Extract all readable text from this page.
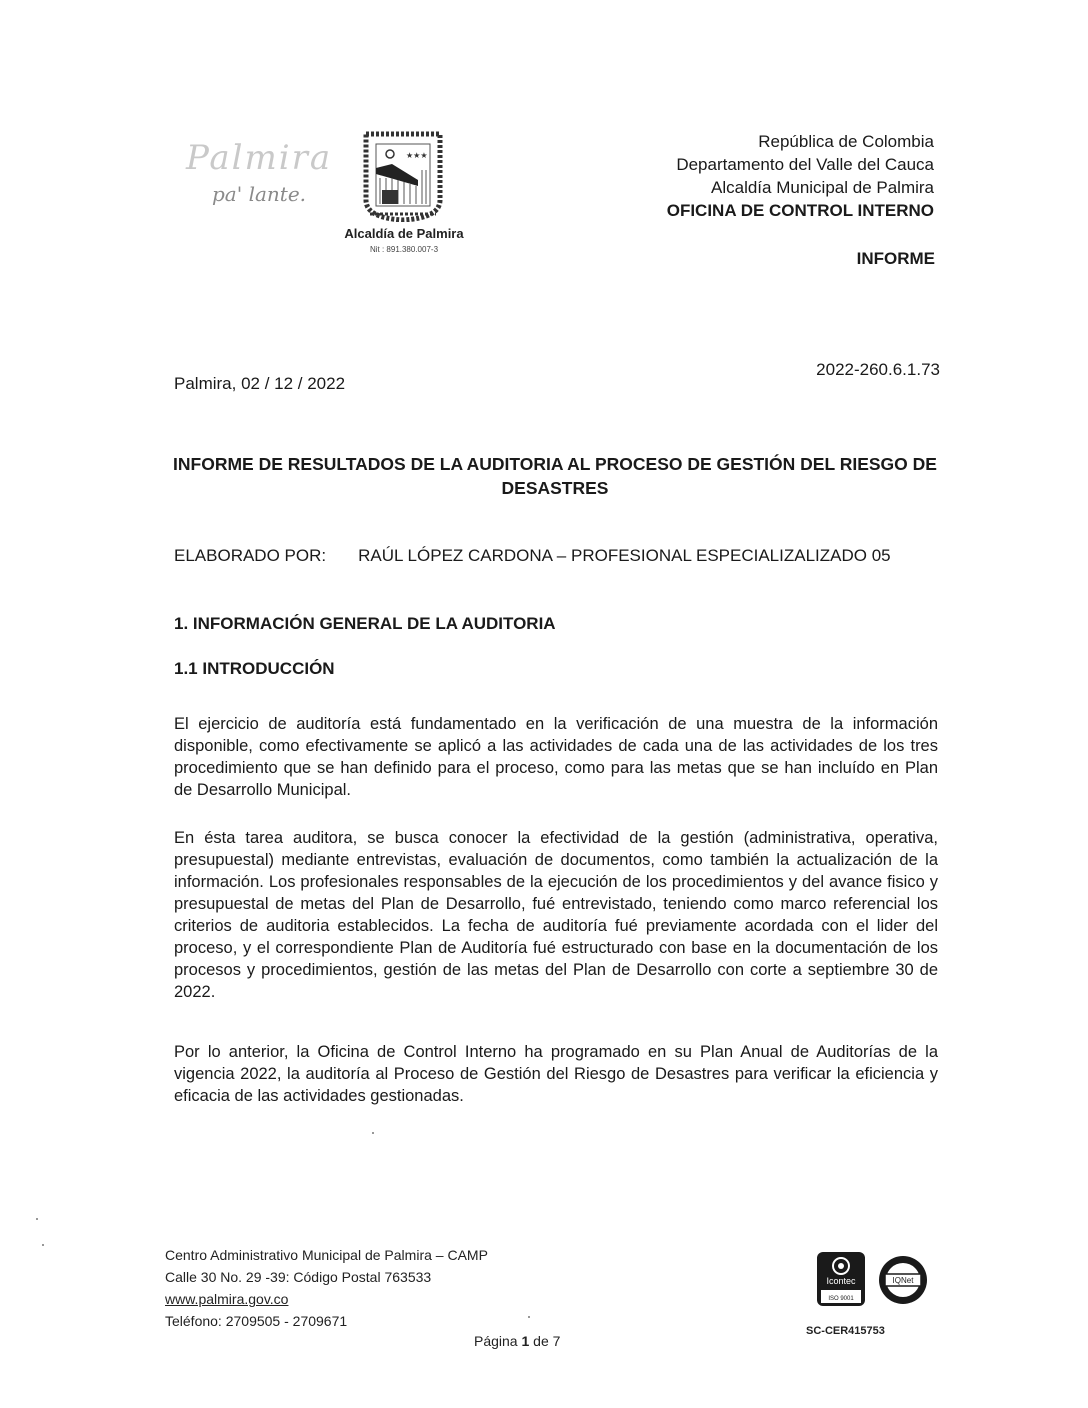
Palmira
pa' lante.
★★★
Alcaldía de Palmira
Nit : 891.380.007-3
República de Colombia
Departamento del Valle del Cauca
Alcaldía Municipal de Palmira
OFICINA DE CONTROL INTERNO
INFORME
2022-260.6.1.73
Palmira, 02 / 12 / 2022
INFORME DE RESULTADOS DE LA AUDITORIA AL PROCESO DE GESTIÓN DEL RIESGO DE DESASTRES
ELABORADO POR: RAÚL LÓPEZ CARDONA – PROFESIONAL ESPECIALIZALIZADO 05
1. INFORMACIÓN GENERAL DE LA AUDITORIA
1.1 INTRODUCCIÓN
El ejercicio de auditoría está fundamentado en la verificación de una muestra de la información disponible, como efectivamente se aplicó a las actividades de cada una de las actividades de los tres procedimiento que se han definido para el proceso, como para las metas que se han incluído en Plan de Desarrollo Municipal.
En ésta tarea auditora, se busca conocer la efectividad de la gestión (administrativa, operativa, presupuestal) mediante entrevistas, evaluación de documentos, como también la actualización de la información. Los profesionales responsables de la ejecución de los procedimientos y del avance fisico y presupuestal de metas del Plan de Desarrollo, fué entrevistado, teniendo como marco referencial los criterios de auditoria establecidos. La fecha de auditoría fué previamente acordada con el lider del proceso, y el correspondiente Plan de Auditoría fué estructurado con base en la documentación de los procesos y procedimientos, gestión de las metas del Plan de Desarrollo con corte a septiembre 30 de 2022.
Por lo anterior, la Oficina de Control Interno ha programado en su Plan Anual de Auditorías de la vigencia 2022, la auditoría al Proceso de Gestión del Riesgo de Desastres para verificar la eficiencia y eficacia de las actividades gestionadas.
Centro Administrativo Municipal de Palmira – CAMP
Calle 30 No. 29 -39: Código Postal 763533
www.palmira.gov.co
Teléfono: 2709505 - 2709671
Página 1 de 7
Icontec
ISO 9001
IQNet
SC-CER415753
